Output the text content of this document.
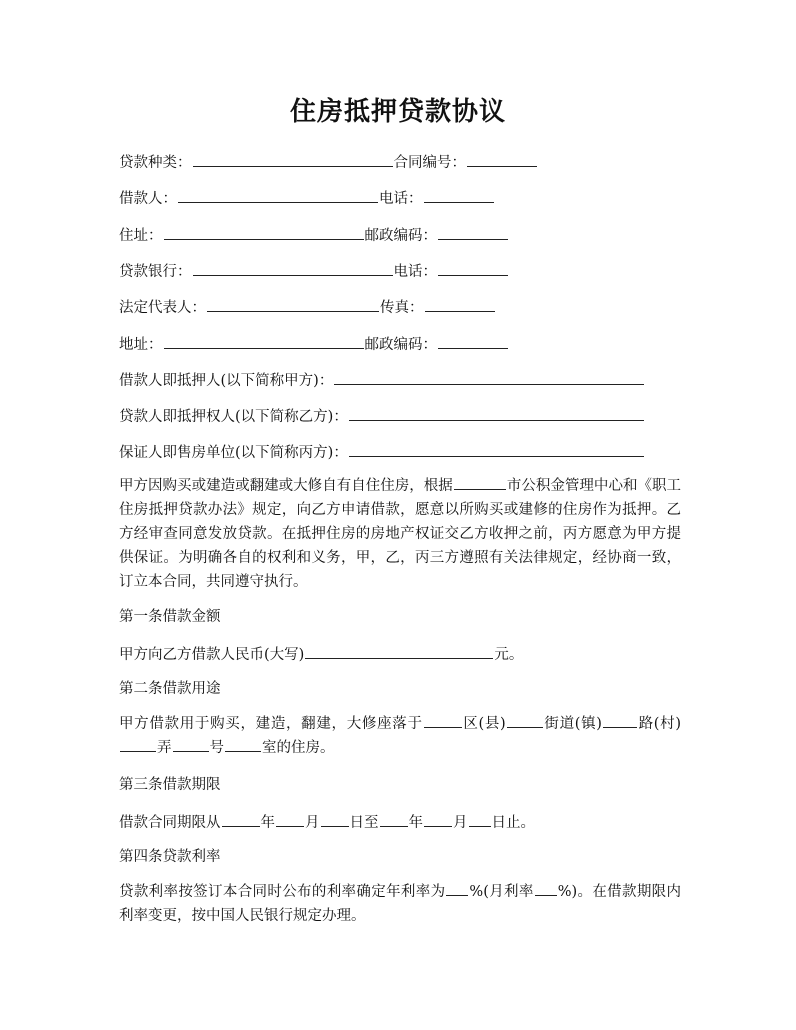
住房抵押贷款协议
贷款种类：	合同编号：
借款人：	电话：
住址：	邮政编码：
贷款银行：	电话：
法定代表人：	传真：
地址：	邮政编码：
借款人即抵押人(以下简称甲方)：
贷款人即抵押权人(以下简称乙方)：
保证人即售房单位(以下简称丙方)：
甲方因购买或建造或翻建或大修自有自住住房，根据	市公积金管理中心和《职工住房抵押贷款办法》规定，向乙方申请借款，愿意以所购买或建修的住房作为抵押。乙方经审查同意发放贷款。在抵押住房的房地产权证交乙方收押之前，丙方愿意为甲方提供保证。为明确各自的权利和义务，甲，乙，丙三方遵照有关法律规定，经协商一致，订立本合同，共同遵守执行。
第一条借款金额
甲方向乙方借款人民币(大写)	元。
第二条借款用途
甲方借款用于购买，建造，翻建，大修座落于	区(县)	街道(镇) 路(村)弄	号	室的住房。
第三条借款期限
借款合同期限从	年 月 日至 年 月 日止。
第四条贷款利率
贷款利率按签订本合同时公布的利率确定年利率为 %(月利率 %)。在借款期限内利率变更，按中国人民银行规定办理。
